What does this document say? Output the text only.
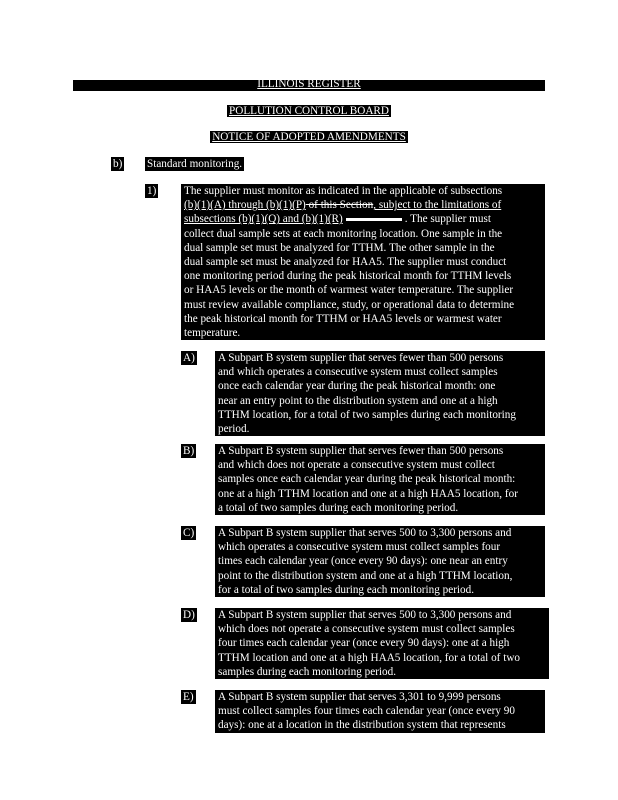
ILLINOIS REGISTER
POLLUTION CONTROL BOARD
NOTICE OF ADOPTED AMENDMENTS
b) Standard monitoring.
1) The supplier must monitor as indicated in the applicable of subsections
(b)(1)(A) through (b)(1)(P) of this Section, subject to the limitations of
subsections (b)(1)(Q) and (b)(1)(R)	. The supplier must
collect dual sample sets at each monitoring location. One sample in the
dual sample set must be analyzed for TTHM. The other sample in the
dual sample set must be analyzed for HAA5. The supplier must conduct
one monitoring period during the peak historical month for TTHM levels
or HAA5 levels or the month of warmest water temperature. The supplier
must review available compliance, study, or operational data to determine
the peak historical month for TTHM or HAA5 levels or warmest water
temperature.
A) A Subpart B system supplier that serves fewer than 500 persons
and which operates a consecutive system must collect samples
once each calendar year during the peak historical month: one
near an entry point to the distribution system and one at a high
TTHM location, for a total of two samples during each monitoring
period.
B) A Subpart B system supplier that serves fewer than 500 persons
and which does not operate a consecutive system must collect
samples once each calendar year during the peak historical month:
one at a high TTHM location and one at a high HAA5 location, for
a total of two samples during each monitoring period.
C) A Subpart B system supplier that serves 500 to 3,300 persons and
which operates a consecutive system must collect samples four
times each calendar year (once every 90 days): one near an entry
point to the distribution system and one at a high TTHM location,
for a total of two samples during each monitoring period.
D) A Subpart B system supplier that serves 500 to 3,300 persons and
which does not operate a consecutive system must collect samples
four times each calendar year (once every 90 days): one at a high
TTHM location and one at a high HAA5 location, for a total of two
samples during each monitoring period.
E) A Subpart B system supplier that serves 3,301 to 9,999 persons
must collect samples four times each calendar year (once every 90
days): one at a location in the distribution system that represents
